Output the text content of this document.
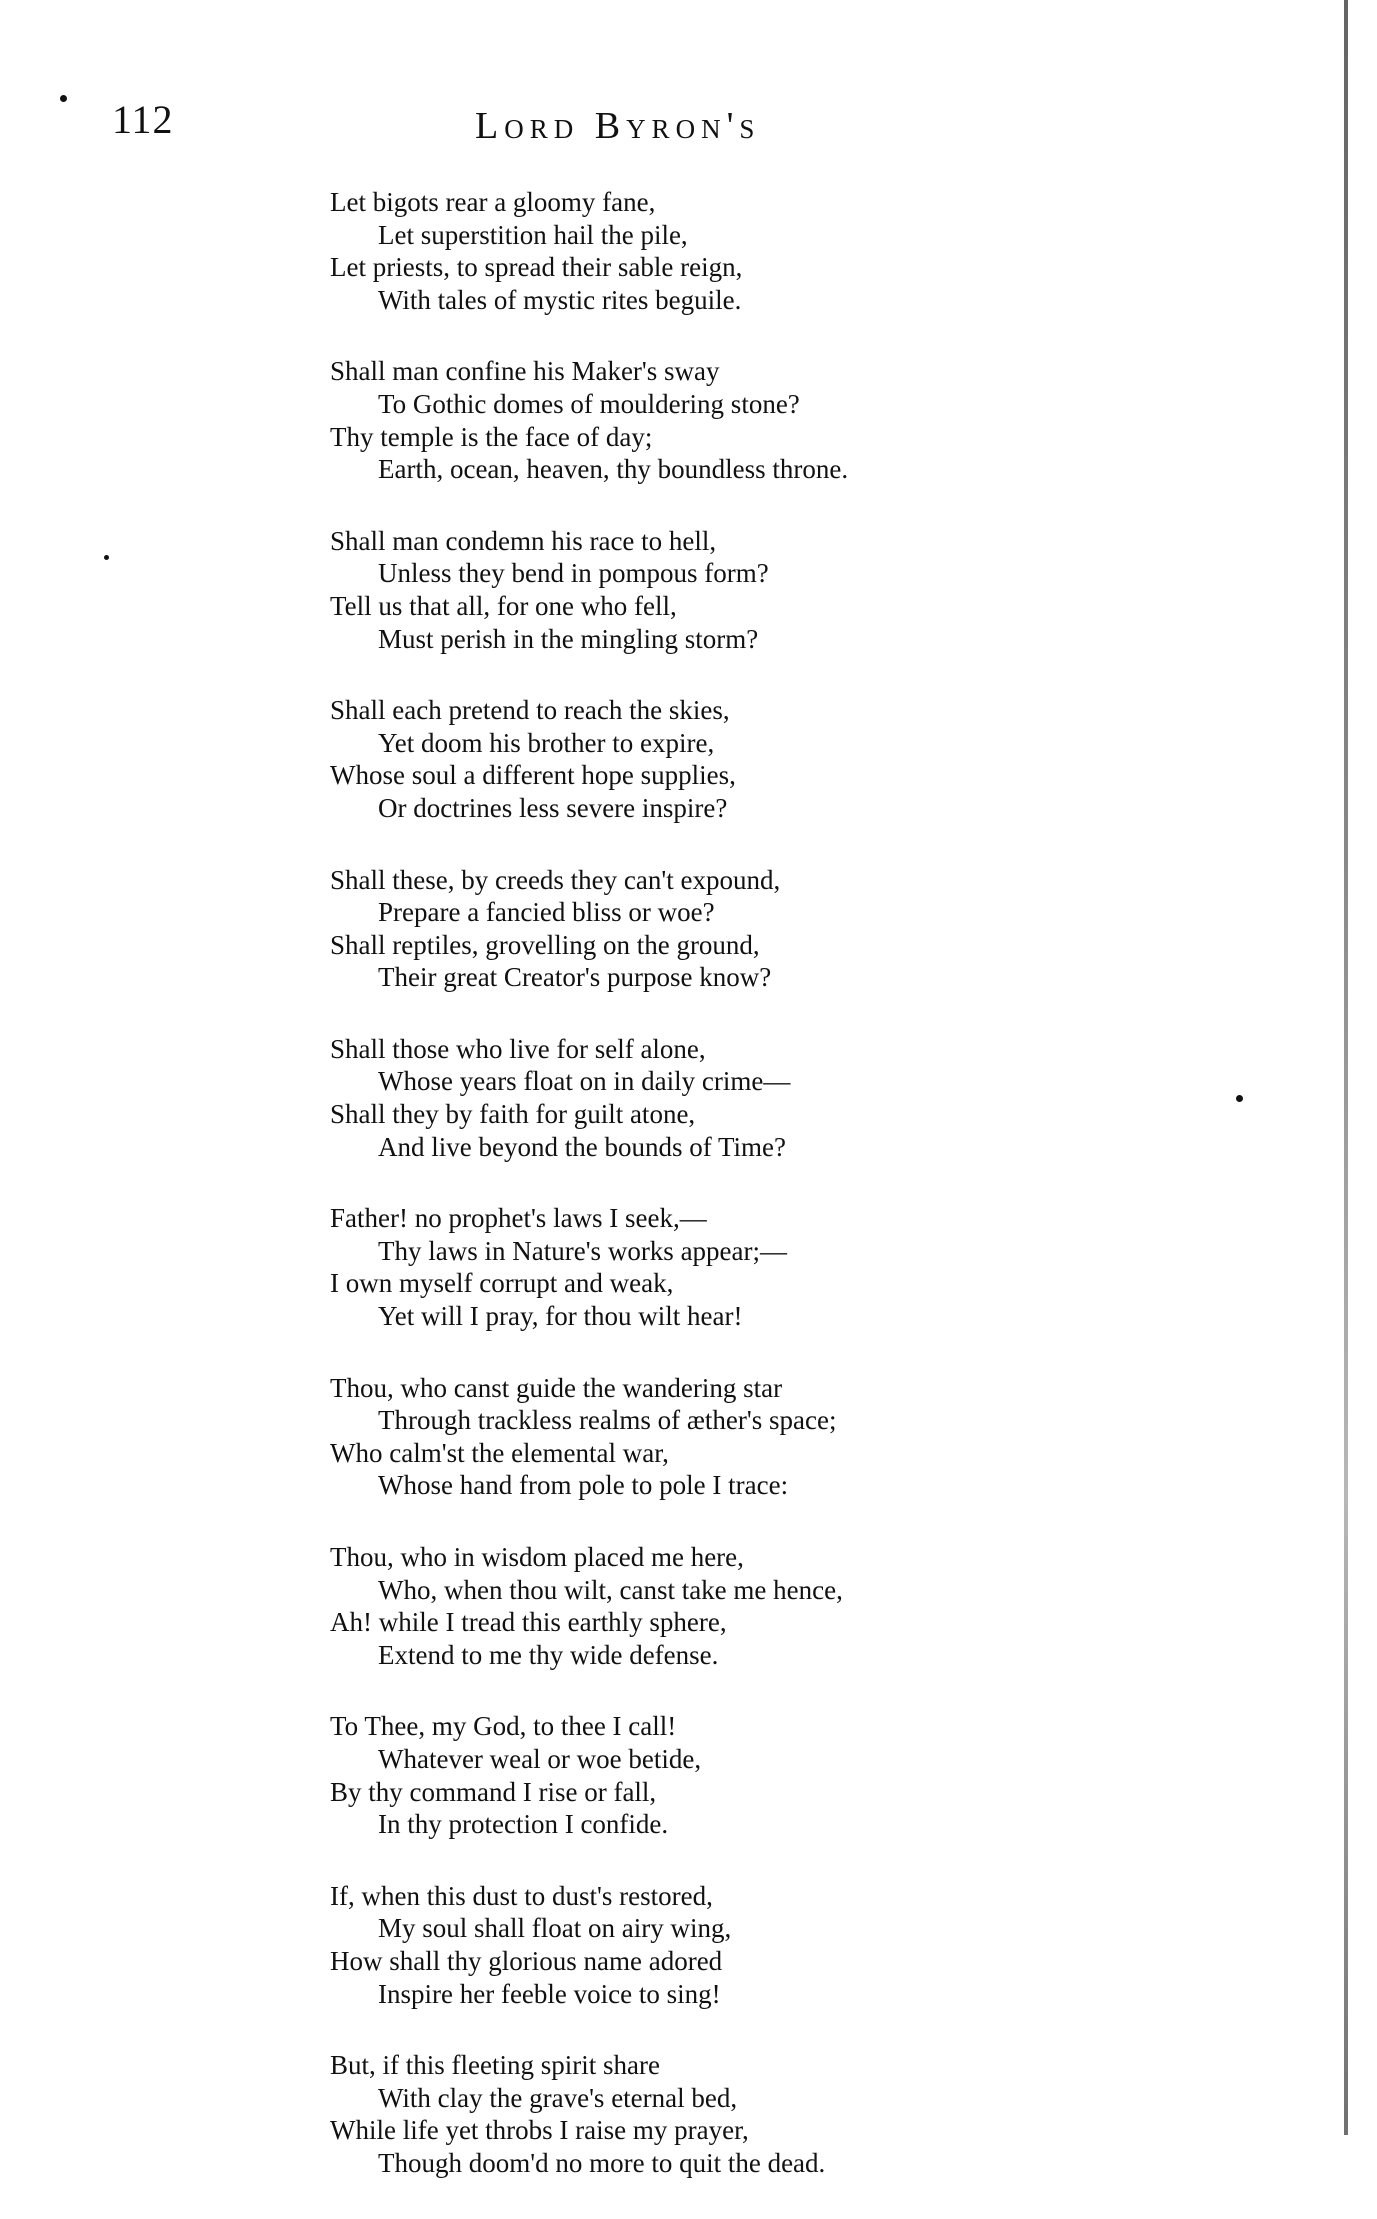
112	Lord Byron's
Let bigots rear a gloomy fane,
Let superstition hail the pile,
Let priests, to spread their sable reign,
With tales of mystic rites beguile.
Shall man confine his Maker's sway
To Gothic domes of mouldering stone?
Thy temple is the face of day;
Earth, ocean, heaven, thy boundless throne.
Shall man condemn his race to hell,
Unless they bend in pompous form?
Tell us that all, for one who fell,
Must perish in the mingling storm?
Shall each pretend to reach the skies,
Yet doom his brother to expire,
Whose soul a different hope supplies,
Or doctrines less severe inspire?
Shall these, by creeds they can't expound,
Prepare a fancied bliss or woe?
Shall reptiles, grovelling on the ground,
Their great Creator's purpose know?
Shall those who live for self alone,
Whose years float on in daily crime—
Shall they by faith for guilt atone,
And live beyond the bounds of Time?
Father! no prophet's laws I seek,—
Thy laws in Nature's works appear;—
I own myself corrupt and weak,
Yet will I pray, for thou wilt hear!
Thou, who canst guide the wandering star
Through trackless realms of æther's space;
Who calm'st the elemental war,
Whose hand from pole to pole I trace:
Thou, who in wisdom placed me here,
Who, when thou wilt, canst take me hence,
Ah! while I tread this earthly sphere,
Extend to me thy wide defense.
To Thee, my God, to thee I call!
Whatever weal or woe betide,
By thy command I rise or fall,
In thy protection I confide.
If, when this dust to dust's restored,
My soul shall float on airy wing,
How shall thy glorious name adored
Inspire her feeble voice to sing!
But, if this fleeting spirit share
With clay the grave's eternal bed,
While life yet throbs I raise my prayer,
Though doom'd no more to quit the dead.
